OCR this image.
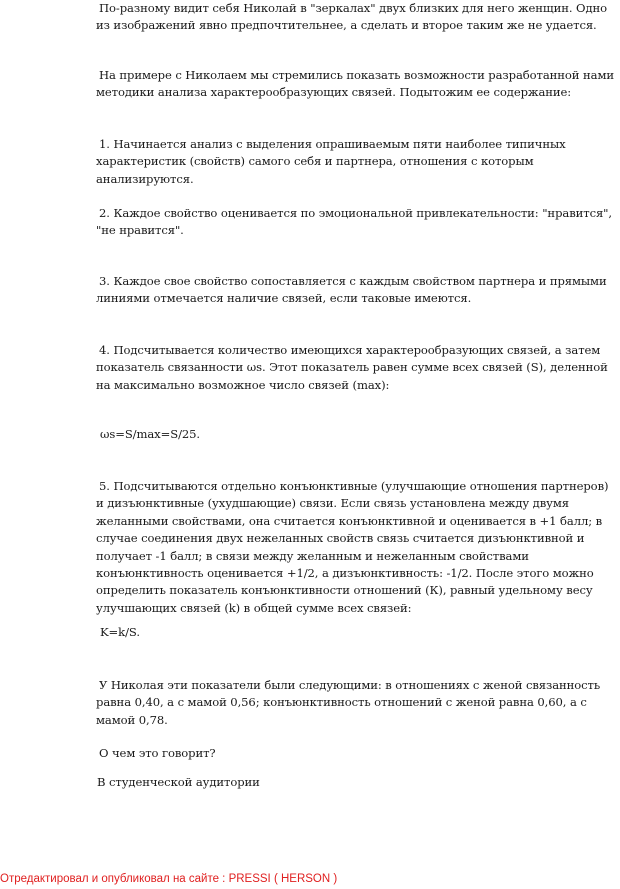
По-разному видит себя Николай в "зеркалах" двух близких для него женщин. Одно из изображений явно предпочтительнее, а сделать и второе таким же не удается.

На примере с Николаем мы стремились показать возможности разработанной нами методики анализа характерообразующих связей. Подытожим ее содержание:

1. Начинается анализ с выделения опрашиваемым пяти наиболее типичных характеристик (свойств) самого себя и партнера, отношения с которым анализируются.

2. Каждое свойство оценивается по эмоциональной привлекательности: "нравится", "не нравится".

3. Каждое свое свойство сопоставляется с каждым свойством партнера и прямыми линиями отмечается наличие связей, если таковые имеются.

4. Подсчитывается количество имеющихся характерообразующих связей, а затем показатель связанности ωs. Этот показатель равен сумме всех связей (S), деленной на максимально возможное число связей (max):

ωs=S/max=S/25.

5. Подсчитываются отдельно конъюнктивные (улучшающие отношения партнеров) и дизъюнктивные (ухудшающие) связи. Если связь установлена между двумя желанными свойствами, она считается конъюнктивной и оценивается в +1 балл; в случае соединения двух нежеланных свойств связь считается дизъюнктивной и получает -1 балл; в связи между желанным и нежеланным свойствами конъюнктивность оценивается +1/2, а дизъюнктивность: -1/2. После этого можно определить показатель конъюнктивности отношений (К), равный удельному весу улучшающих связей (k) в общей сумме всех связей:

K=k/S.

У Николая эти показатели были следующими: в отношениях с женой связанность равна 0,40, а с мамой 0,56; конъюнктивность отношений с женой равна 0,60, а с мамой 0,78.

О чем это говорит?

В студенческой аудитории

Отредактировал и опубликовал на сайте : PRESSI ( HERSON )
